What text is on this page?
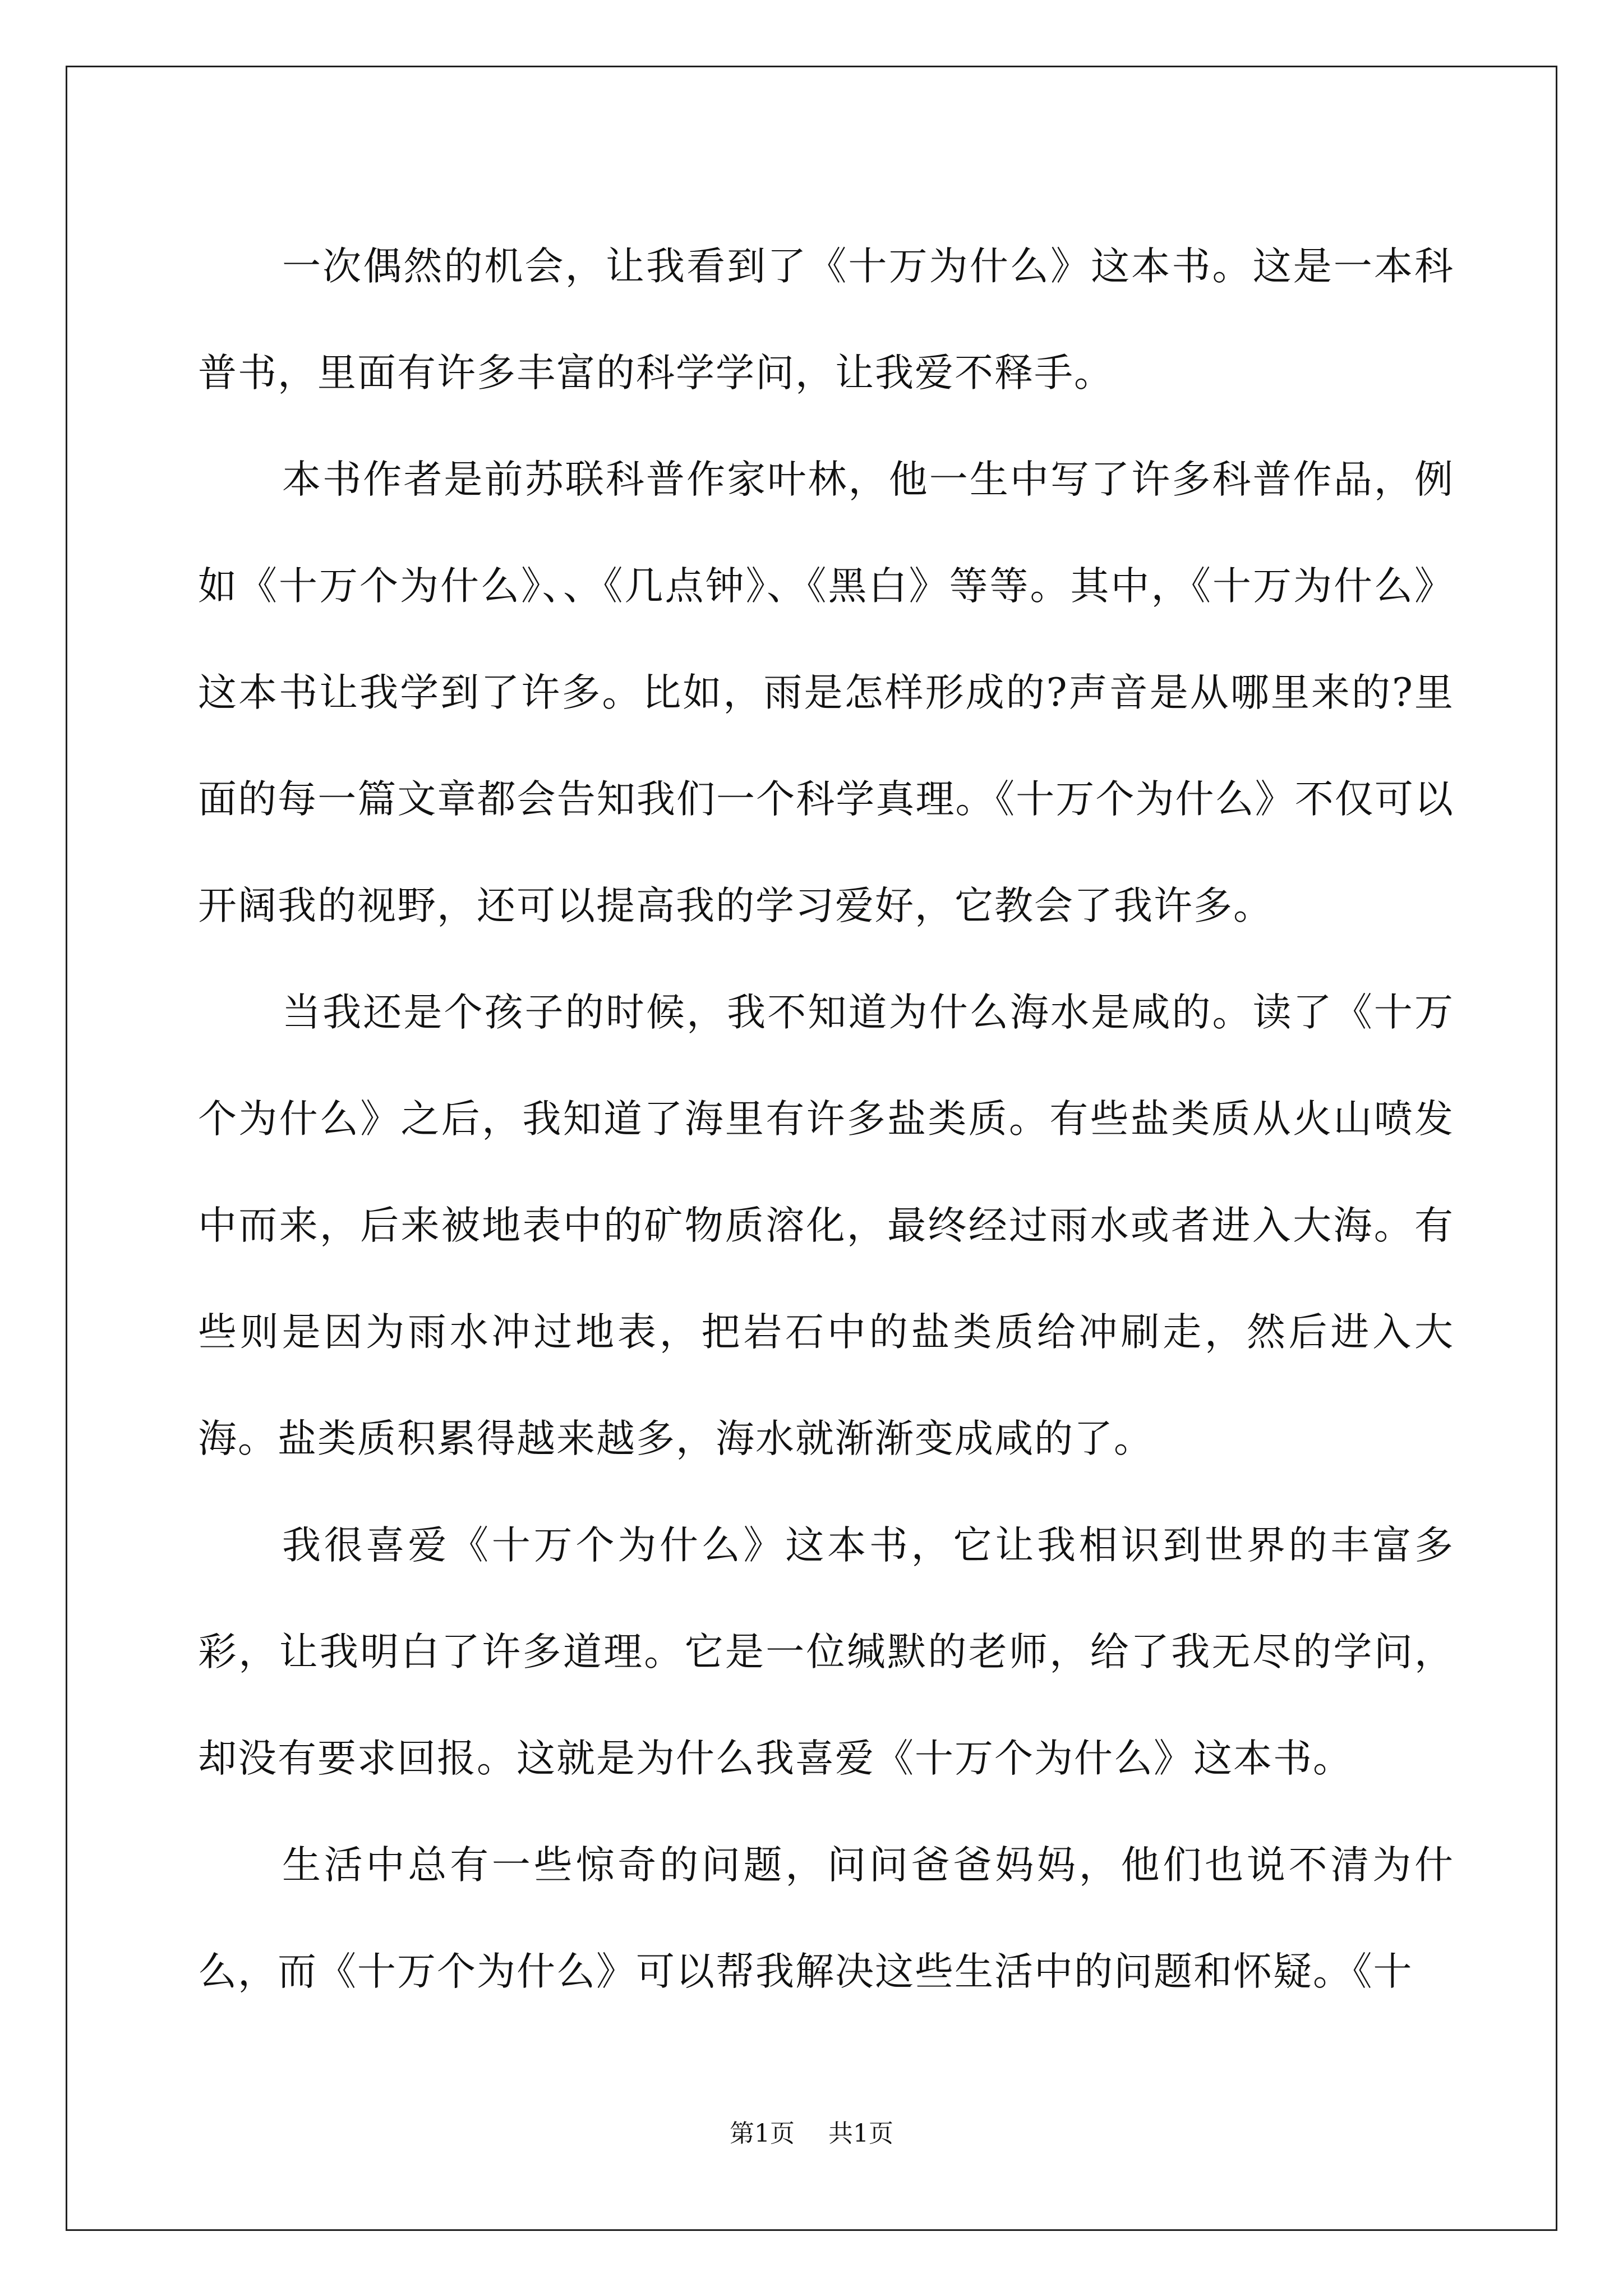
一次偶然的机会，让我看到了《十万为什么》这本书。这是一本科普书，里面有许多丰富的科学学问，让我爱不释手。

本书作者是前苏联科普作家叶林，他一生中写了许多科普作品，例如《十万个为什么》、、《几点钟》、《黑白》等等。其中，《十万为什么》这本书让我学到了许多。比如，雨是怎样形成的?声音是从哪里来的?里面的每一篇文章都会告知我们一个科学真理。《十万个为什么》不仅可以开阔我的视野，还可以提高我的学习爱好，它教会了我许多。

当我还是个孩子的时候，我不知道为什么海水是咸的。读了《十万个为什么》之后，我知道了海里有许多盐类质。有些盐类质从火山喷发中而来，后来被地表中的矿物质溶化，最终经过雨水或者进入大海。有些则是因为雨水冲过地表，把岩石中的盐类质给冲刷走，然后进入大海。盐类质积累得越来越多，海水就渐渐变成咸的了。

我很喜爱《十万个为什么》这本书，它让我相识到世界的丰富多彩，让我明白了许多道理。它是一位缄默的老师，给了我无尽的学问，却没有要求回报。这就是为什么我喜爱《十万个为什么》这本书。

生活中总有一些惊奇的问题，问问爸爸妈妈，他们也说不清为什么，而《十万个为什么》可以帮我解决这些生活中的问题和怀疑。《十

第1页 共1页
